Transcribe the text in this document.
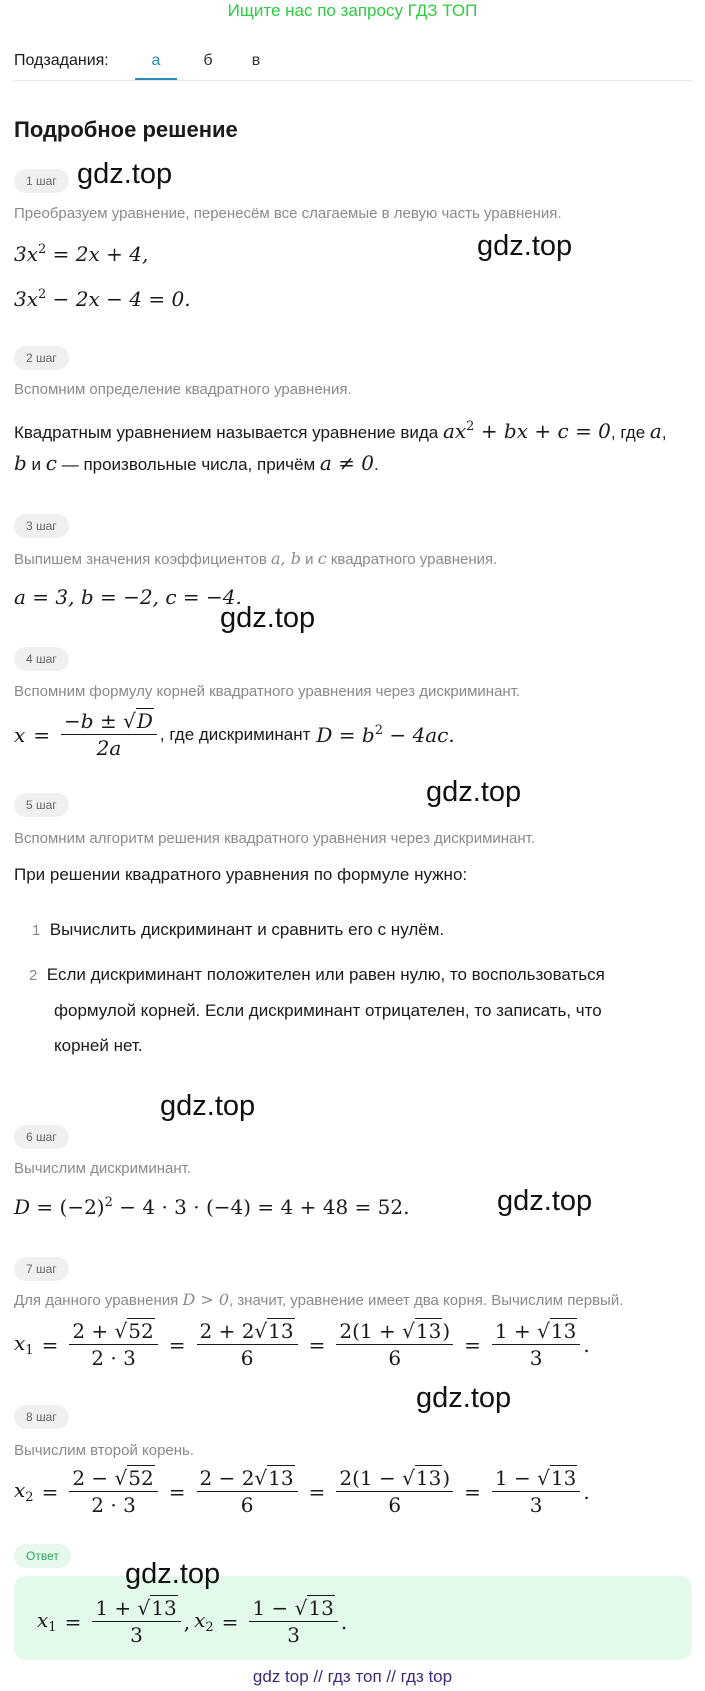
Ищите нас по запросу ГДЗ ТОП
Подзадания:	а	б	в
Подробное решение
1 шаг gdz.top
Преобразуем уравнение, перенесём все слагаемые в левую часть уравнения.
$3x^2 = 2x + 4$,	gdz.top
$3x^2 - 2x - 4 = 0$.
2 шаг
Вспомним определение квадратного уравнения.
Квадратным уравнением называется уравнение вида $ax^2$ + bx + c = 0, где a,
b и c — произвольные числа, причём a ≠ 0.
3 шаг
Выпишем значения коэффициентов a, b и c квадратного уравнения.
a = 3, b = −2, c = −4.
gdz.top
4 шаг
Вспомним формулу корней квадратного уравнения через дискриминант.
$x = \frac{-b \pm √D}{2a}$ , где дискриминант $D = b^2 - 4ac$.
gdz.top
5 шаг
Вспомним алгоритм решения квадратного уравнения через дискриминант.
При решении квадратного уравнения по формуле нужно:
1 Вычислить дискриминант и сравнить его с нулём.
2 Если дискриминант положителен или равен нулю, то воспользоваться
формулой корней. Если дискриминант отрицателен, то записать, что
корней нет.
gdz.top
6 шаг
Вычислим дискриминант.
$D = (-2)^2 - 4 \cdot 3 \cdot (-4) = 4 + 48 = 52$.	gdz.top
7 шаг
Для данного уравнения D > 0, значит, уравнение имеет два корня. Вычислим первый.
$x_1 = \frac{2 + √52}{2 \cdot 3} = \frac{2 + 2√13}{6} = \frac{2(1 + √13)}{6} = \frac{1 + √13}{3}$ .
gdz.top
8 шаг
Вычислим второй корень.
$x_2 = \frac{2 - √52}{2 \cdot 3} = \frac{2 - 2√13}{6} = \frac{2(1 - √13)}{6} = \frac{1 - √13}{3}$ .
Ответ
gdz.top
$x_1 = \frac{1 + √13}{3}$ , $x_2 = \frac{1 - √13}{3}$ .
gdz top // гдз топ // гдз top
